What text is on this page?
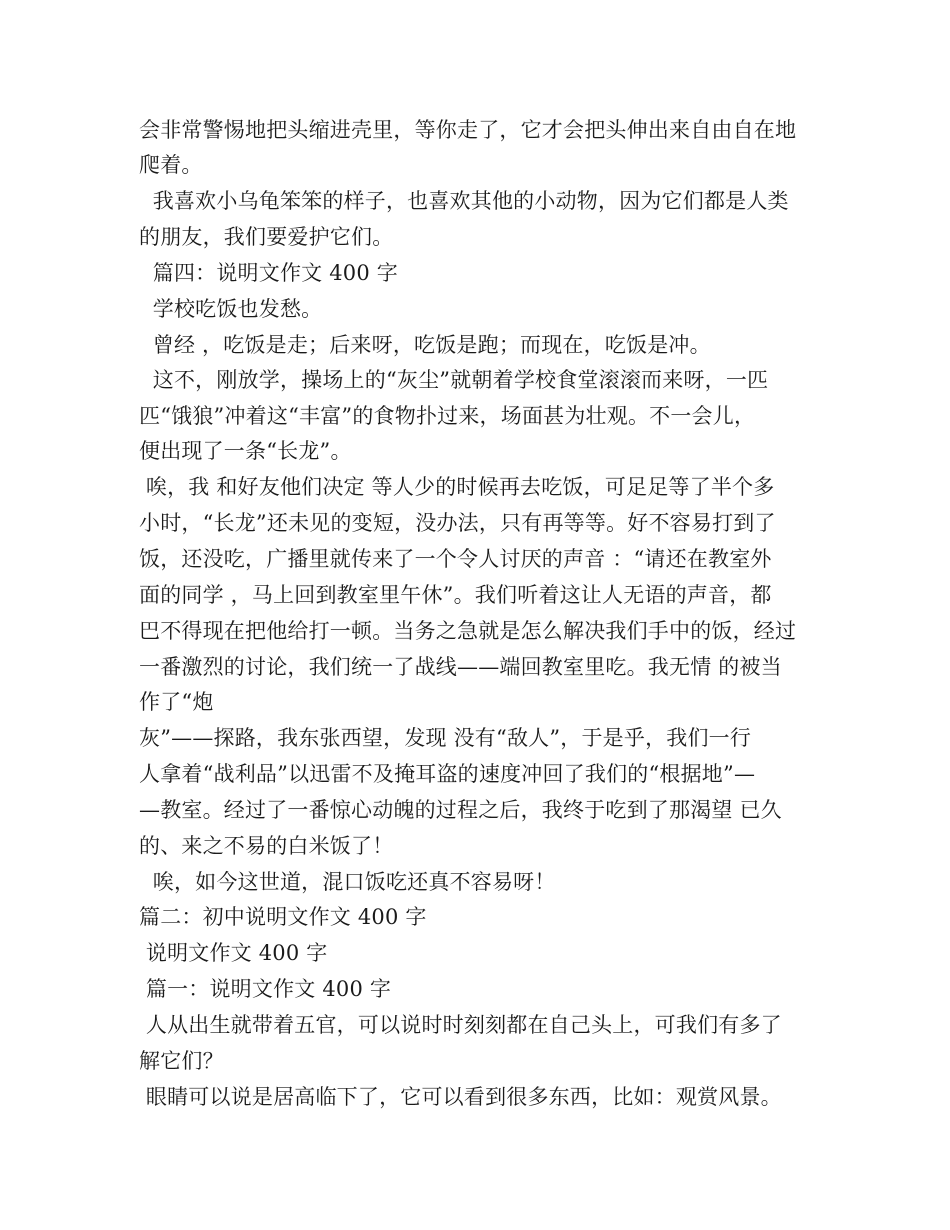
会非常警惕地把头缩进壳里，等你走了，它才会把头伸出来自由自在地
爬着。
我喜欢小乌龟笨笨的样子，也喜欢其他的小动物，因为它们都是人类
的朋友，我们要爱护它们。
篇四：说明文作文 400 字
学校吃饭也发愁。
曾经 ，吃饭是走；后来呀，吃饭是跑；而现在，吃饭是冲。
这不，刚放学，操场上的“灰尘”就朝着学校食堂滚滚而来呀，一匹
匹“饿狼”冲着这“丰富”的食物扑过来，场面甚为壮观。不一会儿，
便出现了一条“长龙”。
唉，我 和好友他们决定 等人少的时候再去吃饭，可足足等了半个多
小时，“长龙”还未见的变短，没办法，只有再等等。好不容易打到了
饭，还没吃，广播里就传来了一个令人讨厌的声音 ：“请还在教室外
面的同学 ，马上回到教室里午休”。我们听着这让人无语的声音，都
巴不得现在把他给打一顿。当务之急就是怎么解决我们手中的饭，经过
一番激烈的讨论，我们统一了战线——端回教室里吃。我无情 的被当
作了“炮
灰”——探路，我东张西望，发现 没有“敌人”，于是乎，我们一行
人拿着“战利品”以迅雷不及掩耳盗的速度冲回了我们的“根据地”—
—教室。经过了一番惊心动魄的过程之后，我终于吃到了那渴望 已久
的、来之不易的白米饭了！
唉，如今这世道，混口饭吃还真不容易呀！
篇二：初中说明文作文 400 字
说明文作文 400 字
篇一：说明文作文 400 字
人从出生就带着五官，可以说时时刻刻都在自己头上，可我们有多了
解它们？
眼睛可以说是居高临下了，它可以看到很多东西，比如：观赏风景。
